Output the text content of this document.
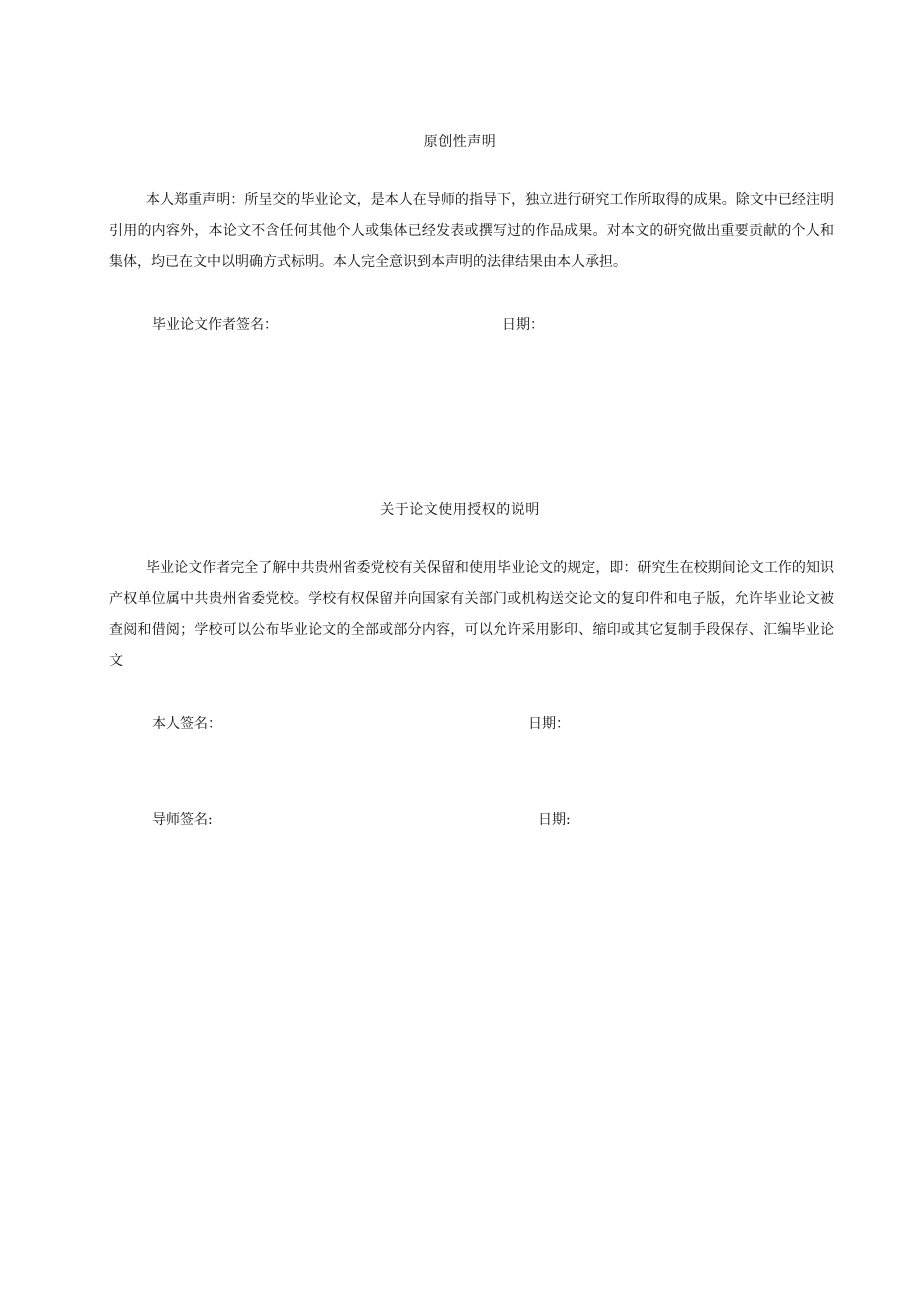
原创性声明

本人郑重声明：所呈交的毕业论文，是本人在导师的指导下，独立进行研究工作所取得的成果。除文中已经注明引用的内容外，本论文不含任何其他个人或集体已经发表或撰写过的作品成果。对本文的研究做出重要贡献的个人和集体，均已在文中以明确方式标明。本人完全意识到本声明的法律结果由本人承担。

毕业论文作者签名：	日期：
关于论文使用授权的说明

毕业论文作者完全了解中共贵州省委党校有关保留和使用毕业论文的规定，即：研究生在校期间论文工作的知识产权单位属中共贵州省委党校。学校有权保留并向国家有关部门或机构送交论文的复印件和电子版，允许毕业论文被查阅和借阅；学校可以公布毕业论文的全部或部分内容，可以允许采用影印、缩印或其它复制手段保存、汇编毕业论文

本人签名：	日期：
导师签名:	日期:
